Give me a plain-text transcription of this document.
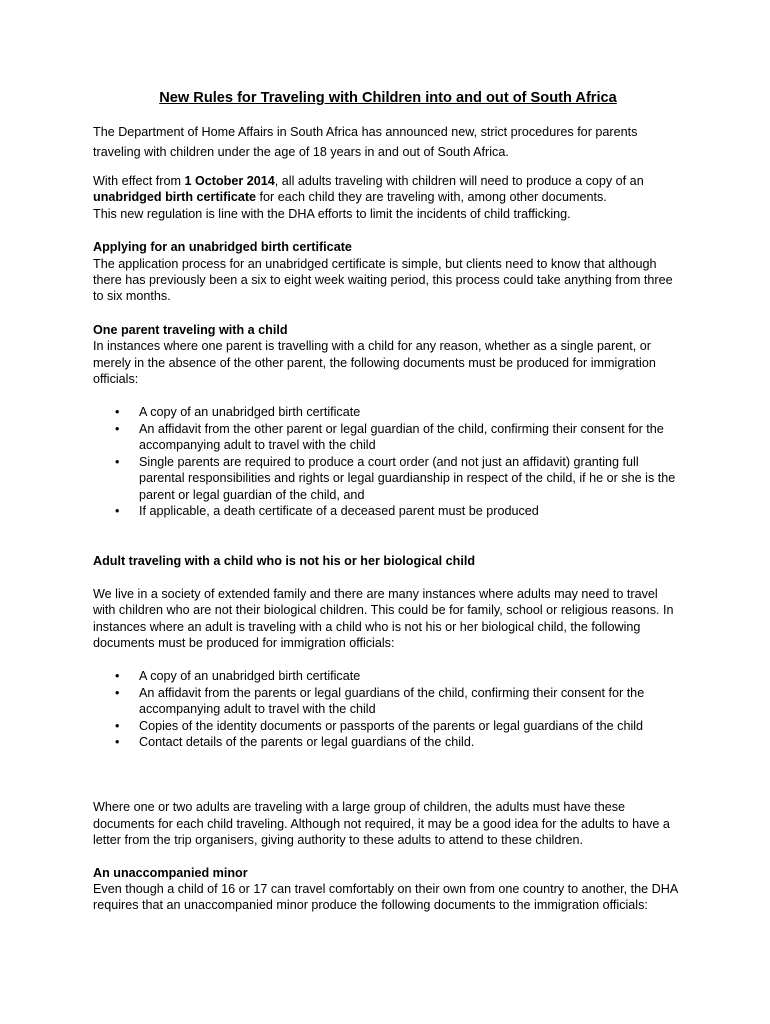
New Rules for Traveling with Children into and out of South Africa

The Department of Home Affairs in South Africa has announced new, strict procedures for parents traveling with children under the age of 18 years in and out of South Africa.

With effect from 1 October 2014, all adults traveling with children will need to produce a copy of an unabridged birth certificate for each child they are traveling with, among other documents.

This new regulation is line with the DHA efforts to limit the incidents of child trafficking.

Applying for an unabridged birth certificate

The application process for an unabridged certificate is simple, but clients need to know that although there has previously been a six to eight week waiting period, this process could take anything from three to six months.

One parent traveling with a child

In instances where one parent is travelling with a child for any reason, whether as a single parent, or merely in the absence of the other parent, the following documents must be produced for immigration officials:

• A copy of an unabridged birth certificate
• An affidavit from the other parent or legal guardian of the child, confirming their consent for the accompanying adult to travel with the child
• Single parents are required to produce a court order (and not just an affidavit) granting full parental responsibilities and rights or legal guardianship in respect of the child, if he or she is the parent or legal guardian of the child, and
• If applicable, a death certificate of a deceased parent must be produced

Adult traveling with a child who is not his or her biological child

We live in a society of extended family and there are many instances where adults may need to travel with children who are not their biological children. This could be for family, school or religious reasons. In instances where an adult is traveling with a child who is not his or her biological child, the following documents must be produced for immigration officials:

• A copy of an unabridged birth certificate
• An affidavit from the parents or legal guardians of the child, confirming their consent for the accompanying adult to travel with the child
• Copies of the identity documents or passports of the parents or legal guardians of the child
• Contact details of the parents or legal guardians of the child.

Where one or two adults are traveling with a large group of children, the adults must have these documents for each child traveling. Although not required, it may be a good idea for the adults to have a letter from the trip organisers, giving authority to these adults to attend to these children.

An unaccompanied minor

Even though a child of 16 or 17 can travel comfortably on their own from one country to another, the DHA requires that an unaccompanied minor produce the following documents to the immigration officials:
